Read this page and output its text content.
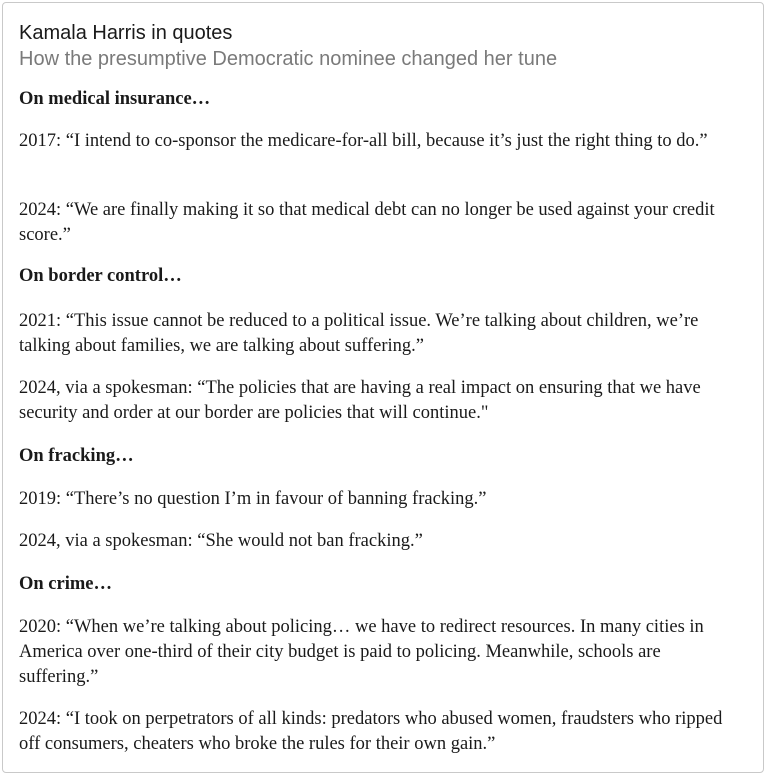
Kamala Harris in quotes
How the presumptive Democratic nominee changed her tune
On medical insurance…
2017: “I intend to co-sponsor the medicare-for-all bill, because it’s just the right thing to do.”
2024: “We are finally making it so that medical debt can no longer be used against your credit score.”
On border control…
2021: “This issue cannot be reduced to a political issue. We’re talking about children, we’re talking about families, we are talking about suffering.”
2024, via a spokesman: “The policies that are having a real impact on ensuring that we have security and order at our border are policies that will continue."
On fracking…
2019: “There’s no question I’m in favour of banning fracking.”
2024, via a spokesman: “She would not ban fracking.”
On crime…
2020: “When we’re talking about policing… we have to redirect resources. In many cities in America over one-third of their city budget is paid to policing. Meanwhile, schools are suffering.”
2024: “I took on perpetrators of all kinds: predators who abused women, fraudsters who ripped off consumers, cheaters who broke the rules for their own gain.”
